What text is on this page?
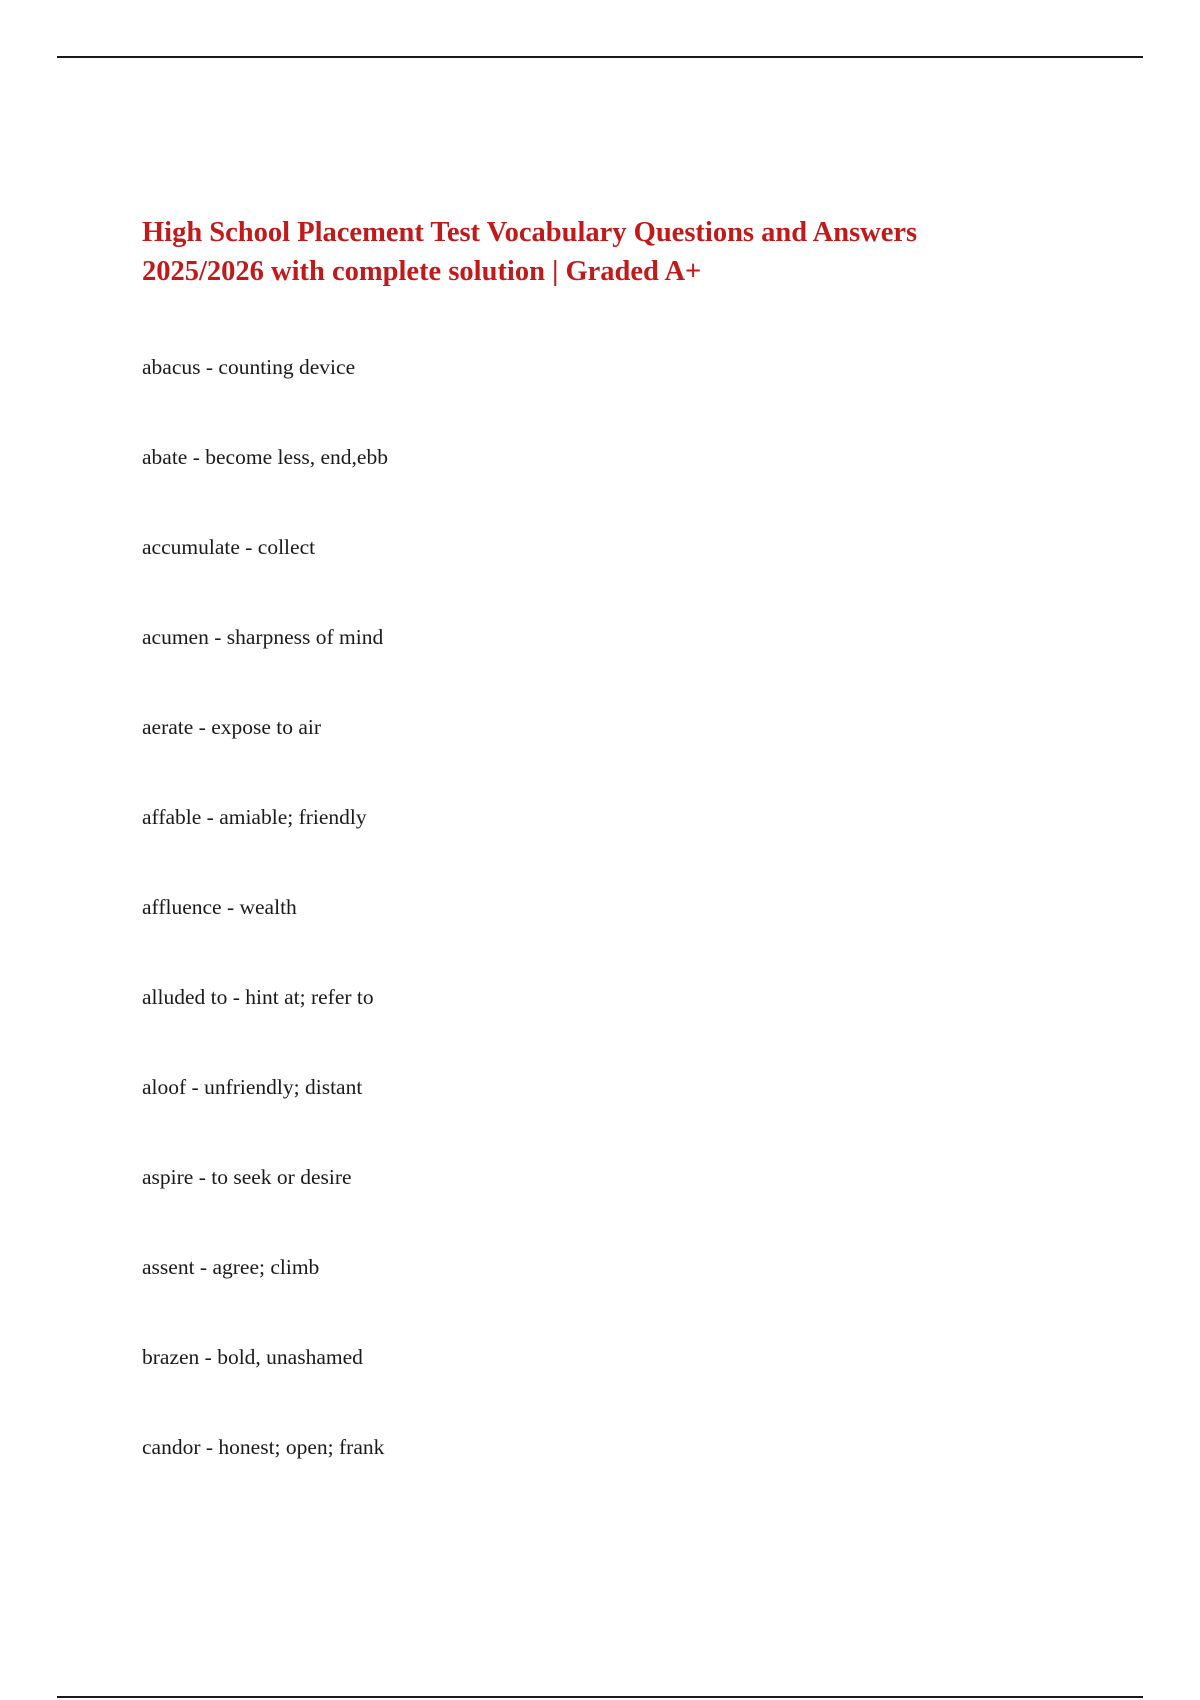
High School Placement Test Vocabulary Questions and Answers
2025/2026 with complete solution | Graded A+
abacus - counting device
abate - become less, end,ebb
accumulate - collect
acumen - sharpness of mind
aerate - expose to air
affable - amiable; friendly
affluence - wealth
alluded to - hint at; refer to
aloof - unfriendly; distant
aspire - to seek or desire
assent - agree; climb
brazen - bold, unashamed
candor - honest; open; frank
